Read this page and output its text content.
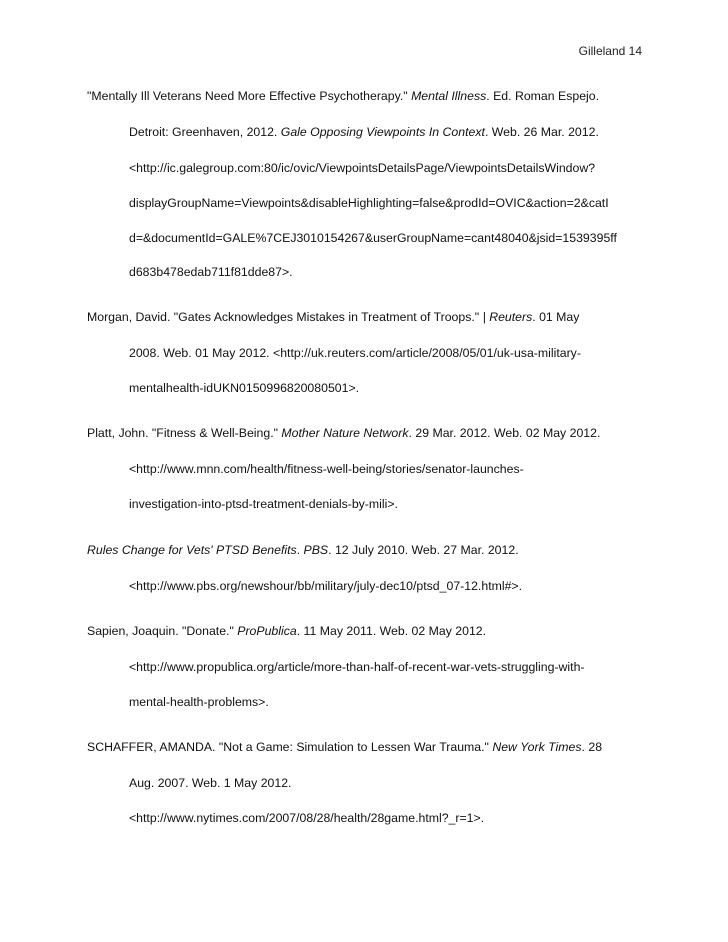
Gilleland 14
"Mentally Ill Veterans Need More Effective Psychotherapy." Mental Illness. Ed. Roman Espejo.
Detroit: Greenhaven, 2012. Gale Opposing Viewpoints In Context. Web. 26 Mar. 2012.
<http://ic.galegroup.com:80/ic/ovic/ViewpointsDetailsPage/ViewpointsDetailsWindow?
displayGroupName=Viewpoints&disableHighlighting=false&prodId=OVIC&action=2&catI
d=&documentId=GALE%7CEJ3010154267&userGroupName=cant48040&jsid=1539395ff
d683b478edab711f81dde87>.
Morgan, David. "Gates Acknowledges Mistakes in Treatment of Troops." | Reuters. 01 May
2008. Web. 01 May 2012. <http://uk.reuters.com/article/2008/05/01/uk-usa-military-
mentalhealth-idUKN0150996820080501>.
Platt, John. "Fitness & Well-Being." Mother Nature Network. 29 Mar. 2012. Web. 02 May 2012.
<http://www.mnn.com/health/fitness-well-being/stories/senator-launches-
investigation-into-ptsd-treatment-denials-by-mili>.
Rules Change for Vets' PTSD Benefits. PBS. 12 July 2010. Web. 27 Mar. 2012.
<http://www.pbs.org/newshour/bb/military/july-dec10/ptsd_07-12.html#>.
Sapien, Joaquin. "Donate." ProPublica. 11 May 2011. Web. 02 May 2012.
<http://www.propublica.org/article/more-than-half-of-recent-war-vets-struggling-with-
mental-health-problems>.
SCHAFFER, AMANDA. "Not a Game: Simulation to Lessen War Trauma." New York Times. 28
Aug. 2007. Web. 1 May 2012.
<http://www.nytimes.com/2007/08/28/health/28game.html?_r=1>.
